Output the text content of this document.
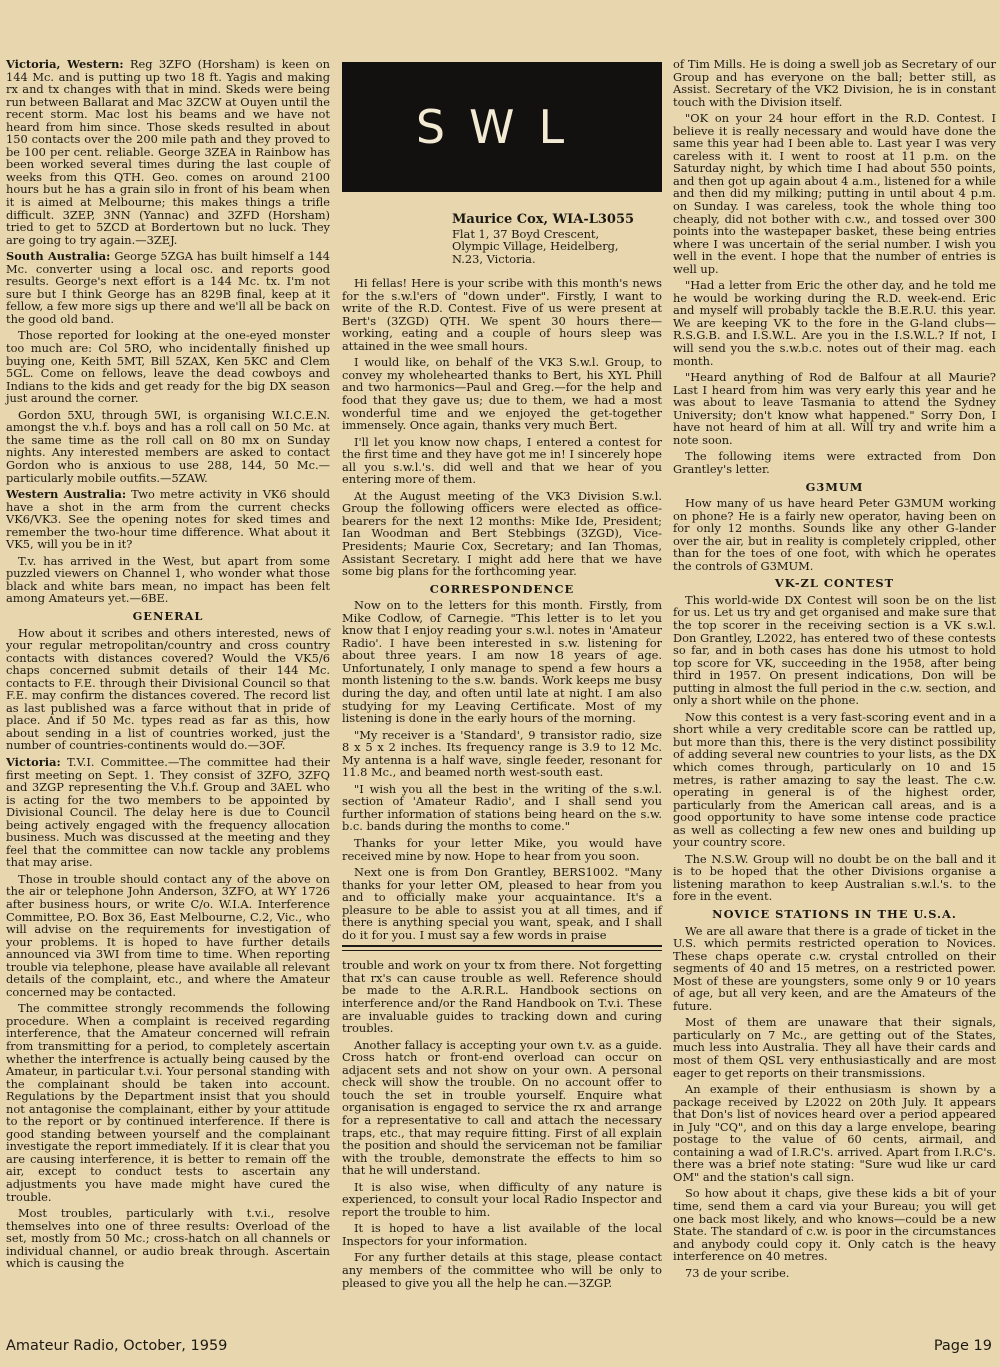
Victoria, Western: Reg 3ZFO (Horsham) is keen on 144 Mc. and is putting up two 18 ft. Yagis and making rx and tx changes with that in mind. Skeds were being run between Ballarat and Mac 3ZCW at Ouyen until the recent storm. Mac lost his beams and we have not heard from him since. Those skeds resulted in about 150 contacts over the 200 mile path and they proved to be 100 per cent. reliable. George 3ZEA in Rainbow has been worked several times during the last couple of weeks from this QTH. Geo. comes on around 2100 hours but he has a grain silo in front of his beam when it is aimed at Melbourne; this makes things a trifle difficult. 3ZEP, 3NN (Yannac) and 3ZFD (Horsham) tried to get to 5ZCD at Bordertown but no luck. They are going to try again.—3ZEJ.

South Australia: George 5ZGA has built himself a 144 Mc. converter using a local osc. and reports good results. George's next effort is a 144 Mc. tx. I'm not sure but I think George has an 829B final, keep at it fellow, a few more sigs up there and we'll all be back on the good old band.

Those reported for looking at the one-eyed monster too much are: Col 5RO, who incidentally finished up buying one, Keith 5MT, Bill 5ZAX, Ken 5KC and Clem 5GL. Come on fellows, leave the dead cowboys and Indians to the kids and get ready for the big DX season just around the corner.

Gordon 5XU, through 5WI, is organising W.I.C.E.N. amongst the v.h.f. boys and has a roll call on 50 Mc. at the same time as the roll call on 80 mx on Sunday nights. Any interested members are asked to contact Gordon who is anxious to use 288, 144, 50 Mc.—particularly mobile outfits.—5ZAW.

Western Australia: Two metre activity in VK6 should have a shot in the arm from the current checks VK6/VK3. See the opening notes for sked times and remember the two-hour time difference. What about it VK5, will you be in it?

T.v. has arrived in the West, but apart from some puzzled viewers on Channel 1, who wonder what those black and white bars mean, no impact has been felt among Amateurs yet.—6BE.

GENERAL

How about it scribes and others interested, news of your regular metropolitan/country and cross country contacts with distances covered? Would the VK5/6 chaps concerned submit details of their 144 Mc. contacts to F.E. through their Divisional Council so that F.E. may confirm the distances covered. The record list as last published was a farce without that in pride of place. And if 50 Mc. types read as far as this, how about sending in a list of countries worked, just the number of countries-continents would do.—3OF.

Victoria: T.V.I. Committee.—The committee had their first meeting on Sept. 1. They consist of 3ZFO, 3ZFQ and 3ZGP representing the V.h.f. Group and 3AEL who is acting for the two members to be appointed by Divisional Council. The delay here is due to Council being actively engaged with the frequency allocation business. Much was discussed at the meeting and they feel that the committee can now tackle any problems that may arise.

Those in trouble should contact any of the above on the air or telephone John Anderson, 3ZFO, at WY 1726 after business hours, or write C/o. W.I.A. Interference Committee, P.O. Box 36, East Melbourne, C.2, Vic., who will advise on the requirements for investigation of your problems. It is hoped to have further details announced via 3WI from time to time. When reporting trouble via telephone, please have available all relevant details of the complaint, etc., and where the Amateur concerned may be contacted.

The committee strongly recommends the following procedure. When a complaint is received regarding interference, that the Amateur concerned will refrain from transmitting for a period, to completely ascertain whether the interfrence is actually being caused by the Amateur, in particular t.v.i. Your personal standing with the complainant should be taken into account. Regulations by the Department insist that you should not antagonise the complainant, either by your attitude to the report or by continued interference. If there is good standing between yourself and the complainant investigate the report immediately. If it is clear that you are causing interference, it is better to remain off the air, except to conduct tests to ascertain any adjustments you have made might have cured the trouble.

Most troubles, particularly with t.v.i., resolve themselves into one of three results: Overload of the set, mostly from 50 Mc.; cross-hatch on all channels or individual channel, or audio break through. Ascertain which is causing the

SWL
Maurice Cox, WIA-L3055
Flat 1, 37 Boyd Crescent,
Olympic Village, Heidelberg,
N.23, Victoria.

Hi fellas! Here is your scribe with this month's news for the s.w.l'ers of "down under". Firstly, I want to write of the R.D. Contest. Five of us were present at Bert's (3ZGD) QTH. We spent 30 hours there—working, eating and a couple of hours sleep was attained in the wee small hours.

I would like, on behalf of the VK3 S.w.l. Group, to convey my wholehearted thanks to Bert, his XYL Phill and two harmonics—Paul and Greg.—for the help and food that they gave us; due to them, we had a most wonderful time and we enjoyed the get-together immensely. Once again, thanks very much Bert.

I'll let you know now chaps, I entered a contest for the first time and they have got me in! I sincerely hope all you s.w.l.'s. did well and that we hear of you entering more of them.

At the August meeting of the VK3 Division S.w.l. Group the following officers were elected as office-bearers for the next 12 months: Mike Ide, President; Ian Woodman and Bert Stebbings (3ZGD), Vice-Presidents; Maurie Cox, Secretary; and Ian Thomas, Assistant Secretary. I might add here that we have some big plans for the forthcoming year.

CORRESPONDENCE

Now on to the letters for this month. Firstly, from Mike Codlow, of Carnegie. "This letter is to let you know that I enjoy reading your s.w.l. notes in 'Amateur Radio'. I have been interested in s.w. listening for about three years. I am now 18 years of age. Unfortunately, I only manage to spend a few hours a month listening to the s.w. bands. Work keeps me busy during the day, and often until late at night. I am also studying for my Leaving Certificate. Most of my listening is done in the early hours of the morning.

"My receiver is a 'Standard', 9 transistor radio, size 8 x 5 x 2 inches. Its frequency range is 3.9 to 12 Mc. My antenna is a half wave, single feeder, resonant for 11.8 Mc., and beamed north west-south east.

"I wish you all the best in the writing of the s.w.l. section of 'Amateur Radio', and I shall send you further information of stations being heard on the s.w. b.c. bands during the months to come."

Thanks for your letter Mike, you would have received mine by now. Hope to hear from you soon.

Next one is from Don Grantley, BERS1002. "Many thanks for your letter OM, pleased to hear from you and to officially make your acquaintance. It's a pleasure to be able to assist you at all times, and if there is anything special you want, speak, and I shall do it for you. I must say a few words in praise

trouble and work on your tx from there. Not forgetting that rx's can cause trouble as well. Reference should be made to the A.R.R.L. Handbook sections on interference and/or the Rand Handbook on T.v.i. These are invaluable guides to tracking down and curing troubles.

Another fallacy is accepting your own t.v. as a guide. Cross hatch or front-end overload can occur on adjacent sets and not show on your own. A personal check will show the trouble. On no account offer to touch the set in trouble yourself. Enquire what organisation is engaged to service the rx and arrange for a representative to call and attach the necessary traps, etc., that may require fitting. First of all explain the position and should the serviceman not be familiar with the trouble, demonstrate the effects to him so that he will understand.

It is also wise, when difficulty of any nature is experienced, to consult your local Radio Inspector and report the trouble to him.

It is hoped to have a list available of the local Inspectors for your information.

For any further details at this stage, please contact any members of the committee who will be only to pleased to give you all the help he can.—3ZGP.

of Tim Mills. He is doing a swell job as Secretary of our Group and has everyone on the ball; better still, as Assist. Secretary of the VK2 Division, he is in constant touch with the Division itself.

"OK on your 24 hour effort in the R.D. Contest. I believe it is really necessary and would have done the same this year had I been able to. Last year I was very careless with it. I went to roost at 11 p.m. on the Saturday night, by which time I had about 550 points, and then got up again about 4 a.m., listened for a while and then did my milking; putting in until about 4 p.m. on Sunday. I was careless, took the whole thing too cheaply, did not bother with c.w., and tossed over 300 points into the wastepaper basket, these being entries where I was uncertain of the serial number. I wish you well in the event. I hope that the number of entries is well up.

"Had a letter from Eric the other day, and he told me he would be working during the R.D. week-end. Eric and myself will probably tackle the B.E.R.U. this year. We are keeping VK to the fore in the G-land clubs—R.S.G.B. and I.S.W.L. Are you in the I.S.W.L.? If not, I will send you the s.w.b.c. notes out of their mag. each month.

"Heard anything of Rod de Balfour at all Maurie? Last I heard from him was very early this year and he was about to leave Tasmania to attend the Sydney University; don't know what happened." Sorry Don, I have not heard of him at all. Will try and write him a note soon.

The following items were extracted from Don Grantley's letter.

G3MUM

How many of us have heard Peter G3MUM working on phone? He is a fairly new operator, having been on for only 12 months. Sounds like any other G-lander over the air, but in reality is completely crippled, other than for the toes of one foot, with which he operates the controls of G3MUM.

VK-ZL CONTEST

This world-wide DX Contest will soon be on the list for us. Let us try and get organised and make sure that the top scorer in the receiving section is a VK s.w.l. Don Grantley, L2022, has entered two of these contests so far, and in both cases has done his utmost to hold top score for VK, succeeding in the 1958, after being third in 1957. On present indications, Don will be putting in almost the full period in the c.w. section, and only a short while on the phone.

Now this contest is a very fast-scoring event and in a short while a very creditable score can be rattled up, but more than this, there is the very distinct possibility of adding several new countries to your lists, as the DX which comes through, particularly on 10 and 15 metres, is rather amazing to say the least. The c.w. operating in general is of the highest order, particularly from the American call areas, and is a good opportunity to have some intense code practice as well as collecting a few new ones and building up your country score.

The N.S.W. Group will no doubt be on the ball and it is to be hoped that the other Divisions organise a listening marathon to keep Australian s.w.l.'s. to the fore in the event.

NOVICE STATIONS IN THE U.S.A.

We are all aware that there is a grade of ticket in the U.S. which permits restricted operation to Novices. These chaps operate c.w. crystal cntrolled on their segments of 40 and 15 metres, on a restricted power. Most of these are youngsters, some only 9 or 10 years of age, but all very keen, and are the Amateurs of the future.

Most of them are unaware that their signals, particularly on 7 Mc., are getting out of the States, much less into Australia. They all have their cards and most of them QSL very enthusiastically and are most eager to get reports on their transmissions.

An example of their enthusiasm is shown by a package received by L2022 on 20th July. It appears that Don's list of novices heard over a period appeared in July "CQ", and on this day a large envelope, bearing postage to the value of 60 cents, airmail, and containing a wad of I.R.C's. arrived. Apart from I.R.C's. there was a brief note stating: "Sure wud like ur card OM" and the station's call sign.

So how about it chaps, give these kids a bit of your time, send them a card via your Bureau; you will get one back most likely, and who knows—could be a new State. The standard of c.w. is poor in the circumstances and anybody could copy it. Only catch is the heavy interference on 40 metres.

73 de your scribe.

Amateur Radio, October, 1959	Page 19
